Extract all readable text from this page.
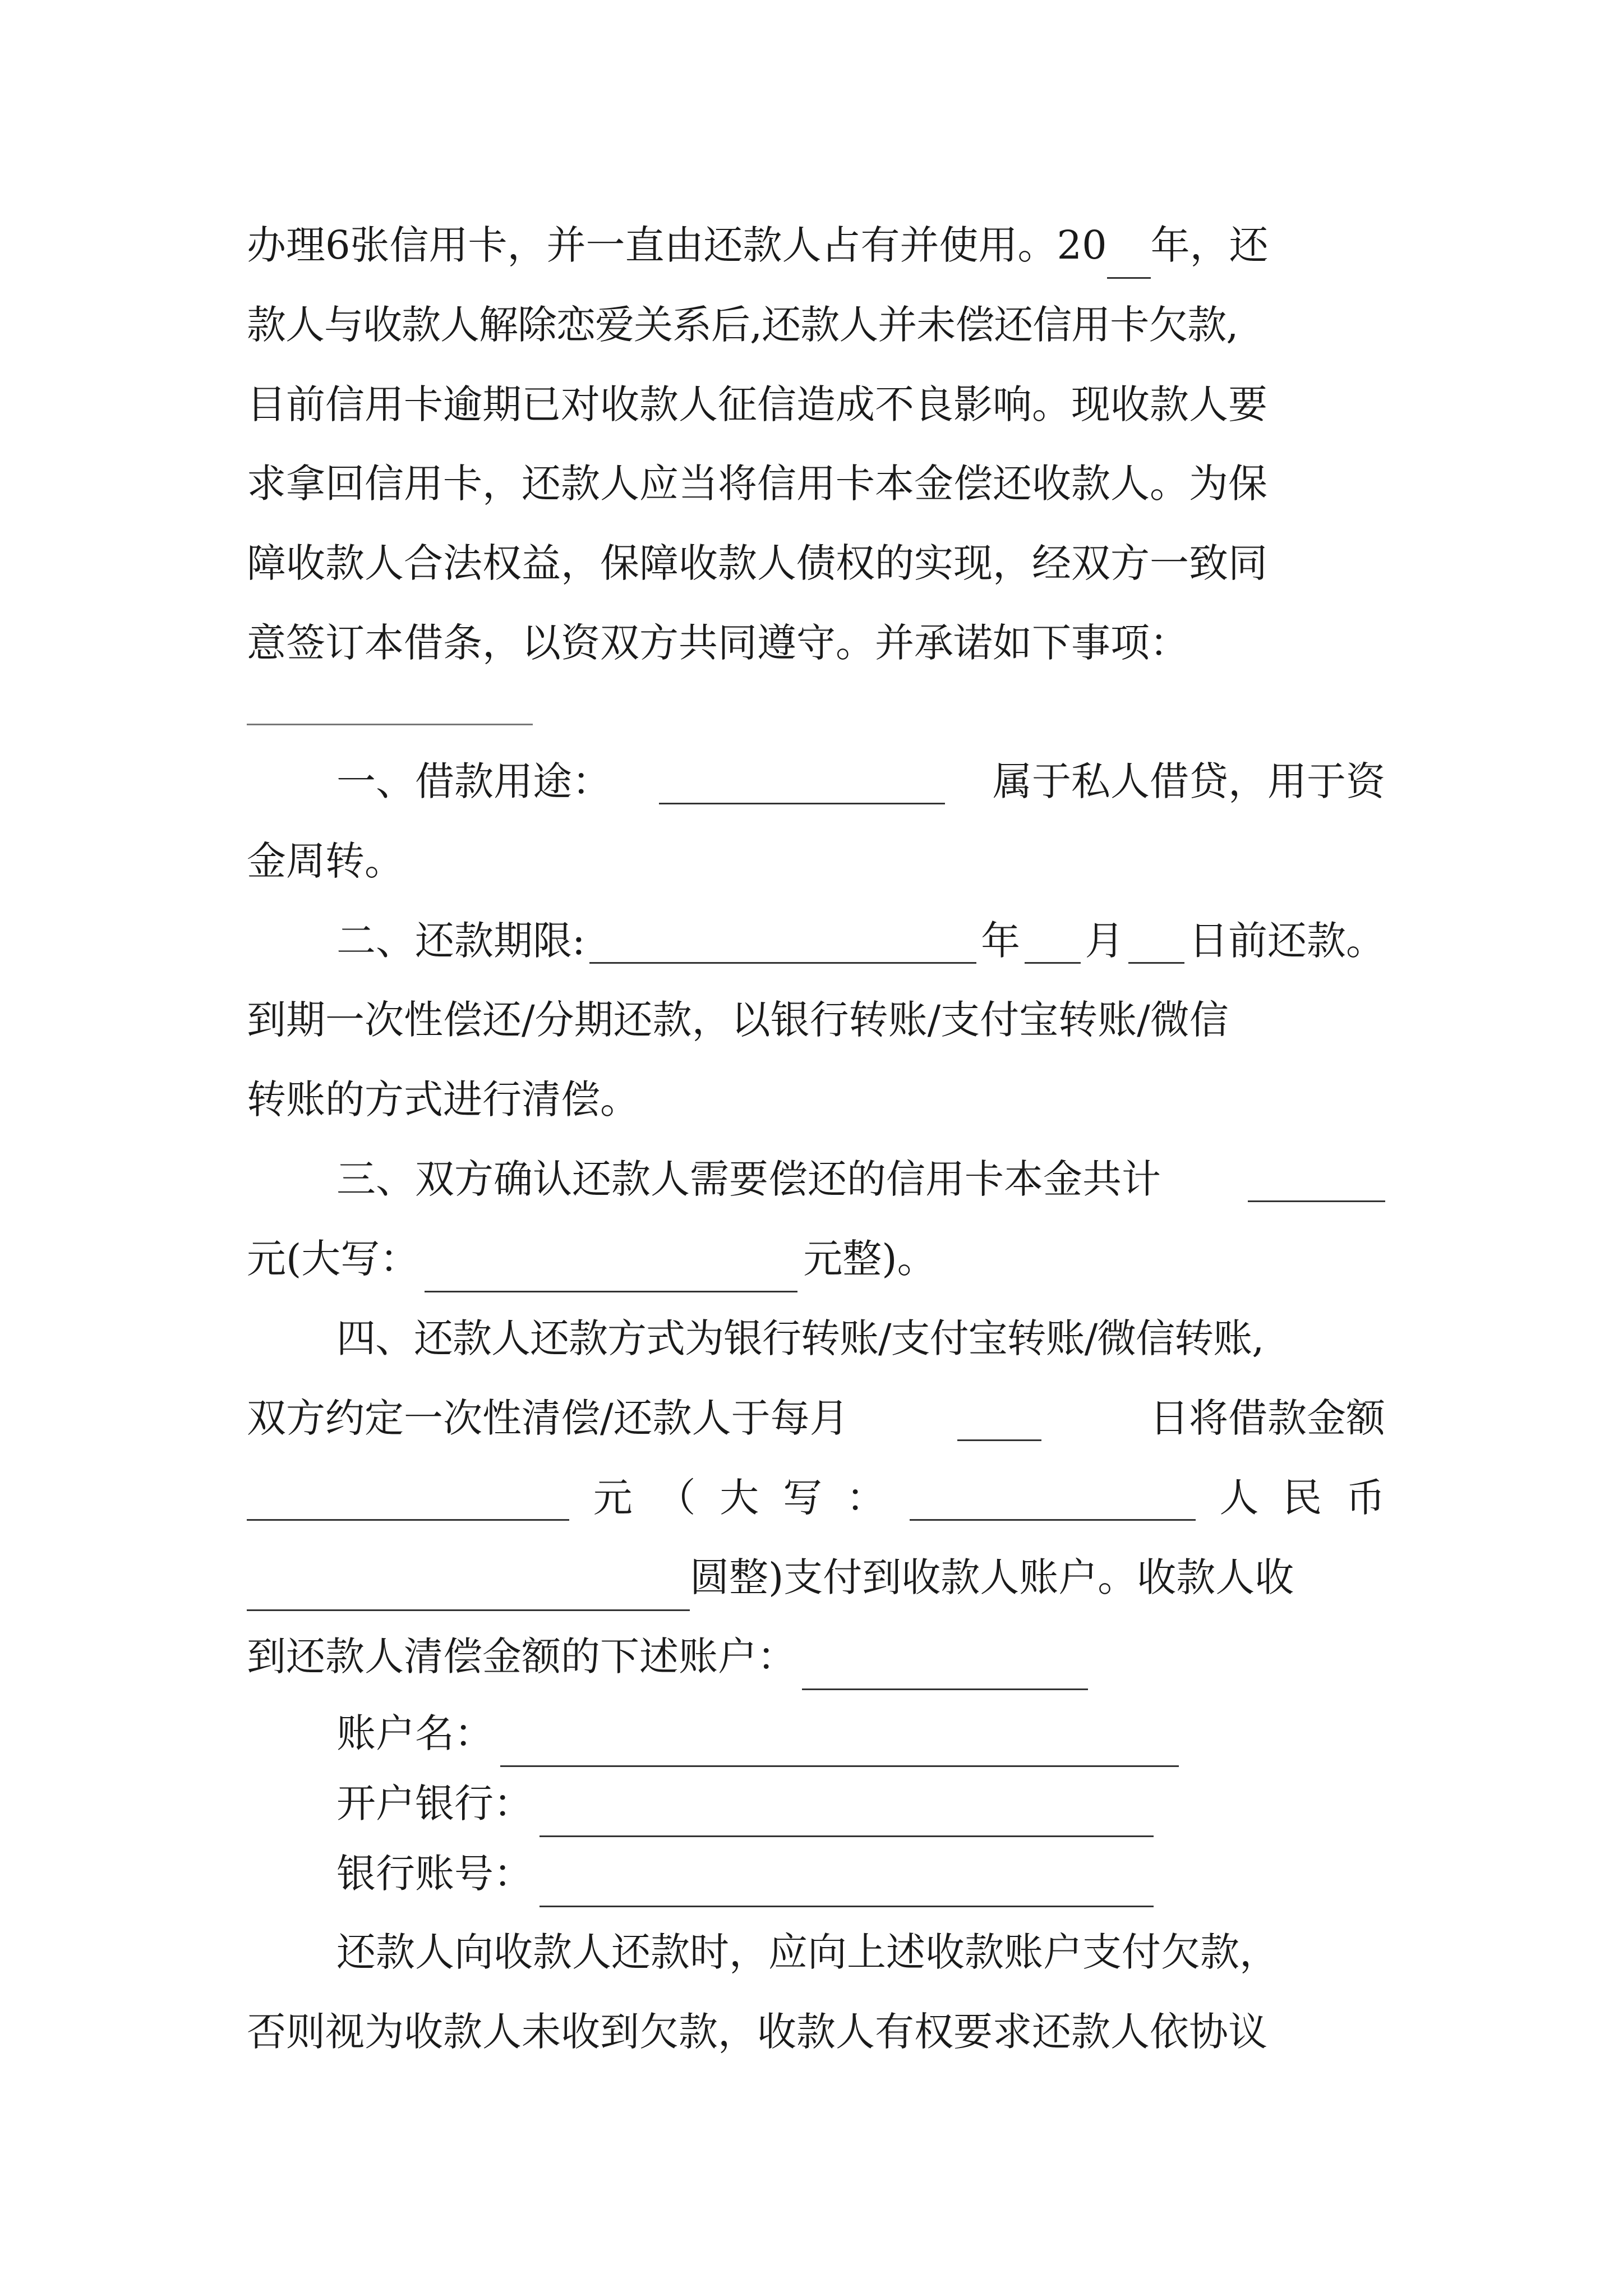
办理6张信用卡，并一直由还款人占有并使用。20 年，还
款人与收款人解除恋爱关系后,还款人并未偿还信用卡欠款,
目前信用卡逾期已对收款人征信造成不良影响。现收款人要
求拿回信用卡，还款人应当将信用卡本金偿还收款人。为保
障收款人合法权益，保障收款人债权的实现，经双方一致同
意签订本借条，以资双方共同遵守。并承诺如下事项：
一、借款用途：	属于私人借贷，用于资
金周转。
二、还款期限:	年 月 日前还款。
到期一次性偿还/分期还款，以银行转账/支付宝转账/微信
转账的方式进行清偿。
三、双方确认还款人需要偿还的信用卡本金共计
元(大写：	元整)。
四、还款人还款方式为银行转账/支付宝转账/微信转账,
双方约定一次性清偿/还款人于每月	日将借款金额
元 （ 大 写 ：	人 民 币
圆整)支付到收款人账户。收款人收
到还款人清偿金额的下述账户：
账户名：
开户银行：
银行账号：
还款人向收款人还款时，应向上述收款账户支付欠款，
否则视为收款人未收到欠款，收款人有权要求还款人依协议
